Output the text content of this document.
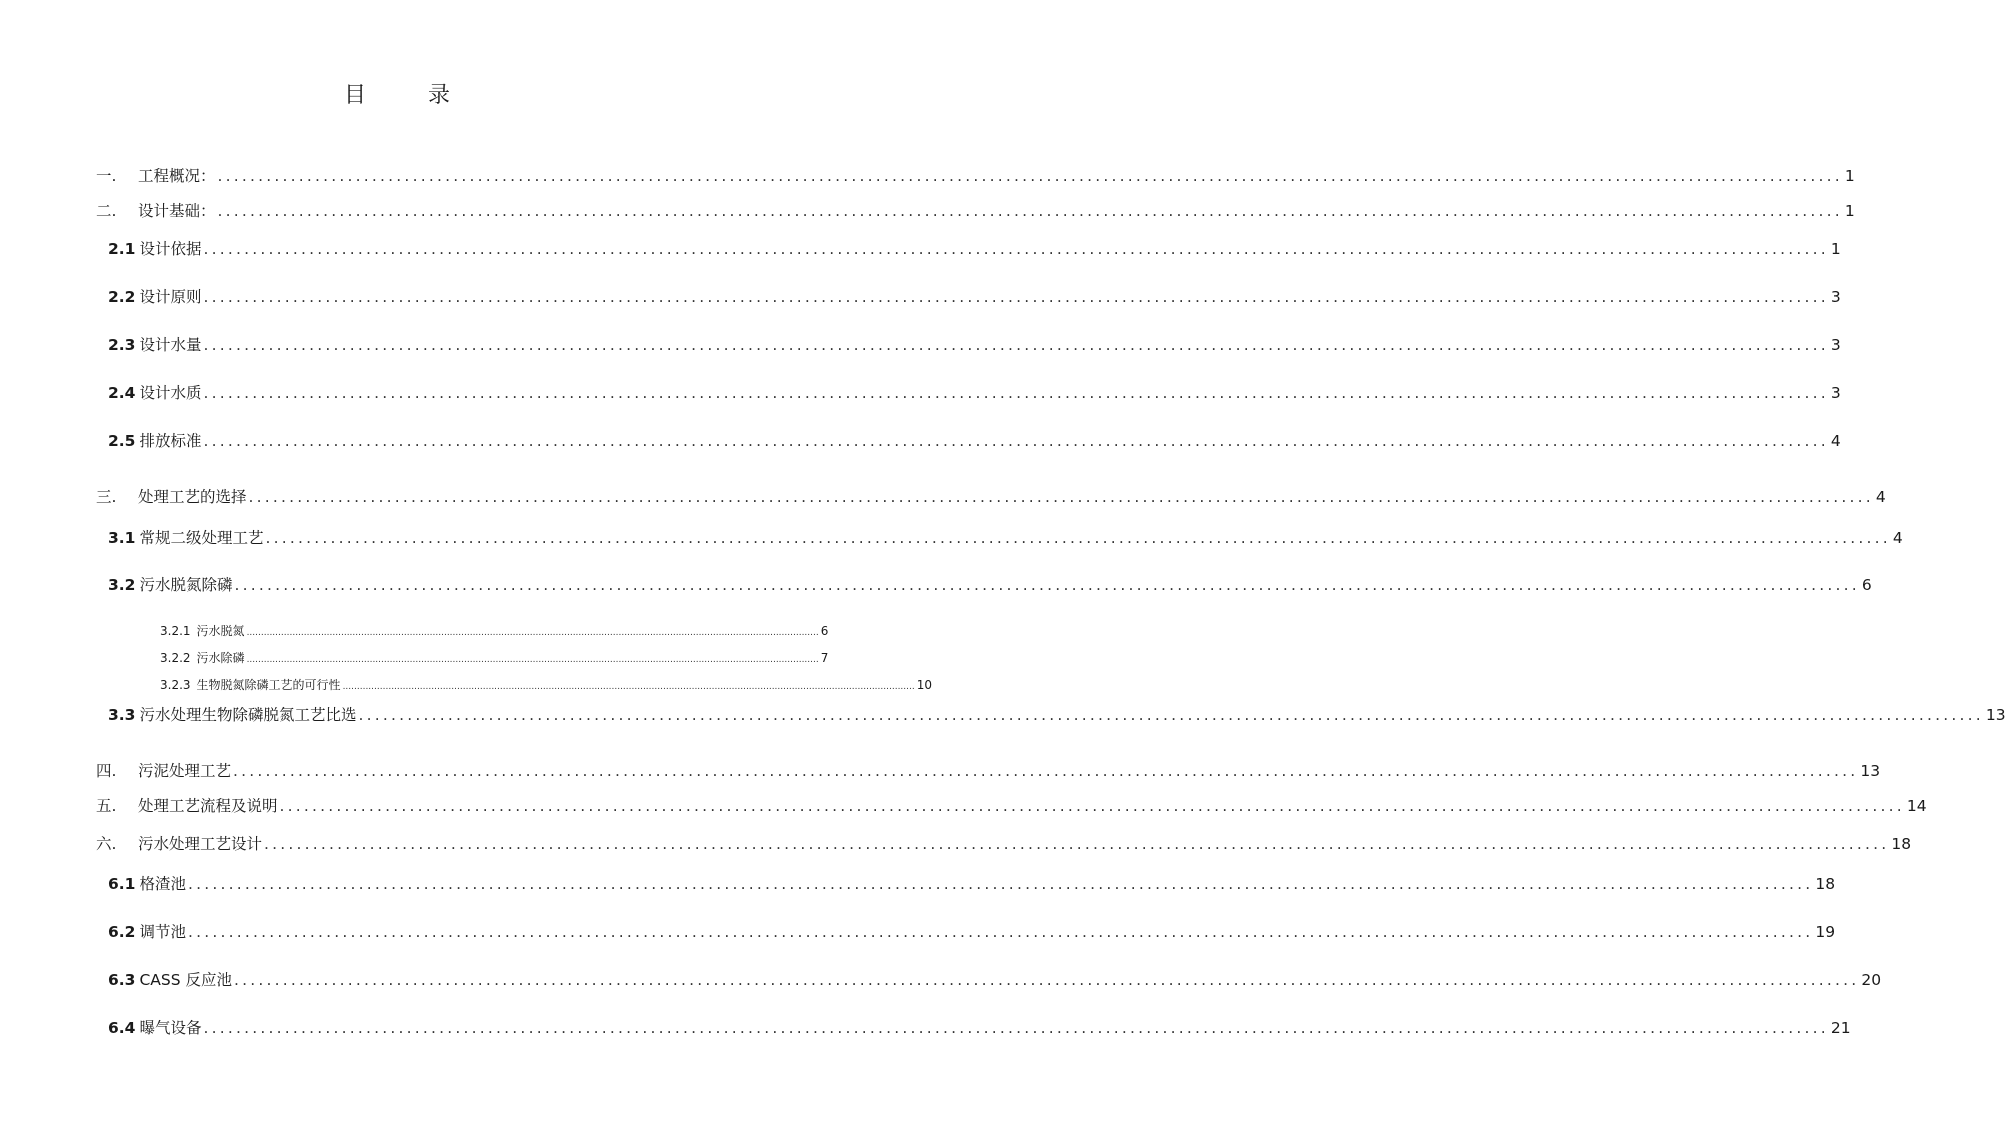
目	录
一.	工程概况： ........................................................................................................................................................................................................ 1
二.	设计基础： ........................................................................................................................................................................................................ 1
2.1 设计依据 ........................................................................................................................................................................................................ 1
2.2 设计原则 ........................................................................................................................................................................................................ 3
2.3 设计水量 ........................................................................................................................................................................................................ 3
2.4 设计水质 ........................................................................................................................................................................................................ 3
2.5 排放标准 ........................................................................................................................................................................................................ 4
三.	处理工艺的选择 ........................................................................................................................................................................................................ 4
3.1 常规二级处理工艺 ........................................................................................................................................................................................................ 4
3.2 污水脱氮除磷 ........................................................................................................................................................................................................ 6
3.2.1 污水脱氮 ........................................................................................................................................................................................................ 6
3.2.2 污水除磷 ........................................................................................................................................................................................................ 7
3.2.3 生物脱氮除磷工艺的可行性 ........................................................................................................................................................................................................ 10
3.3 污水处理生物除磷脱氮工艺比选 ........................................................................................................................................................................................................ 13
四.	污泥处理工艺 ........................................................................................................................................................................................................ 13
五.	处理工艺流程及说明 ........................................................................................................................................................................................................ 14
六.	污水处理工艺设计 ........................................................................................................................................................................................................ 18
6.1 格渣池 ........................................................................................................................................................................................................ 18
6.2 调节池 ........................................................................................................................................................................................................ 19
6.3 CASS 反应池 ........................................................................................................................................................................................................ 20
6.4 曝气设备 ........................................................................................................................................................................................................ 21
